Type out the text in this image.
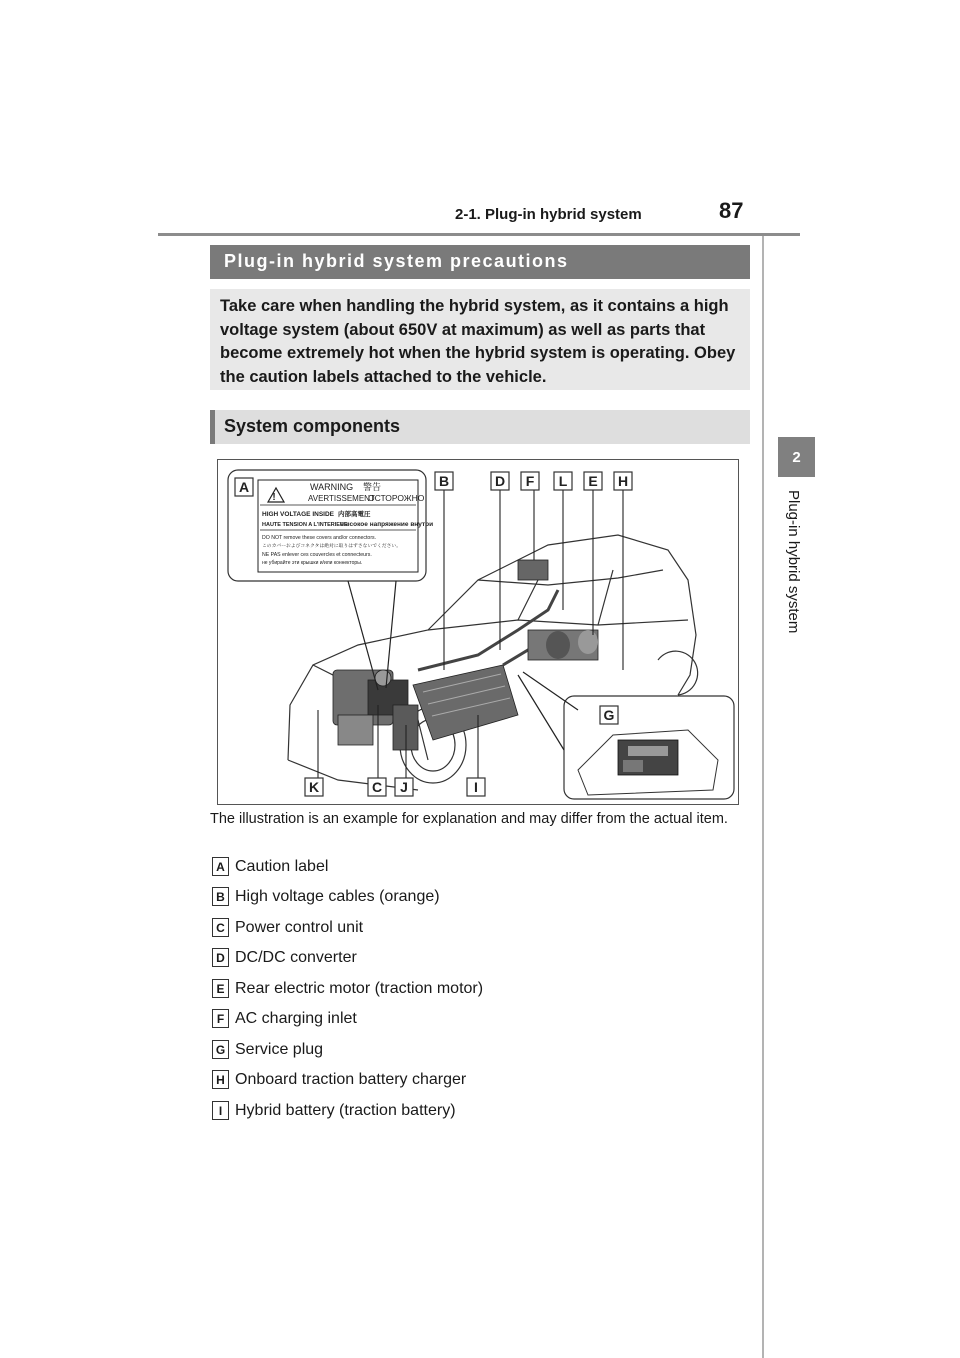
2-1. Plug-in hybrid system	87
2
Plug-in hybrid system
Plug-in hybrid system precautions

Take care when handling the hybrid system, as it contains a high voltage system (about 650V at maximum) as well as parts that become extremely hot when the hybrid system is operating. Obey the caution labels attached to the vehicle.

System components
!
WARNING 警告
AVERTISSEMENT
ОСТОРОЖНО
HIGH VOLTAGE INSIDE 内部高電圧
HAUTE TENSION A L'INTERIEUR
высокое напряжение внутри
DO NOT remove these covers and/or connectors.
このカバーおよびコネクタは絶対に取りはずさないでください。
NE PAS enlever ces couvercles et connecteurs.
не убирайте эти крышки и/или коннекторы.
A	B	D F L E H
G
K	C J	I
The illustration is an example for explanation and may differ from the actual item.
A Caution label
B High voltage cables (orange)
C Power control unit
D DC/DC converter
E Rear electric motor (traction motor)
F AC charging inlet
G Service plug
H Onboard traction battery charger
I Hybrid battery (traction battery)
